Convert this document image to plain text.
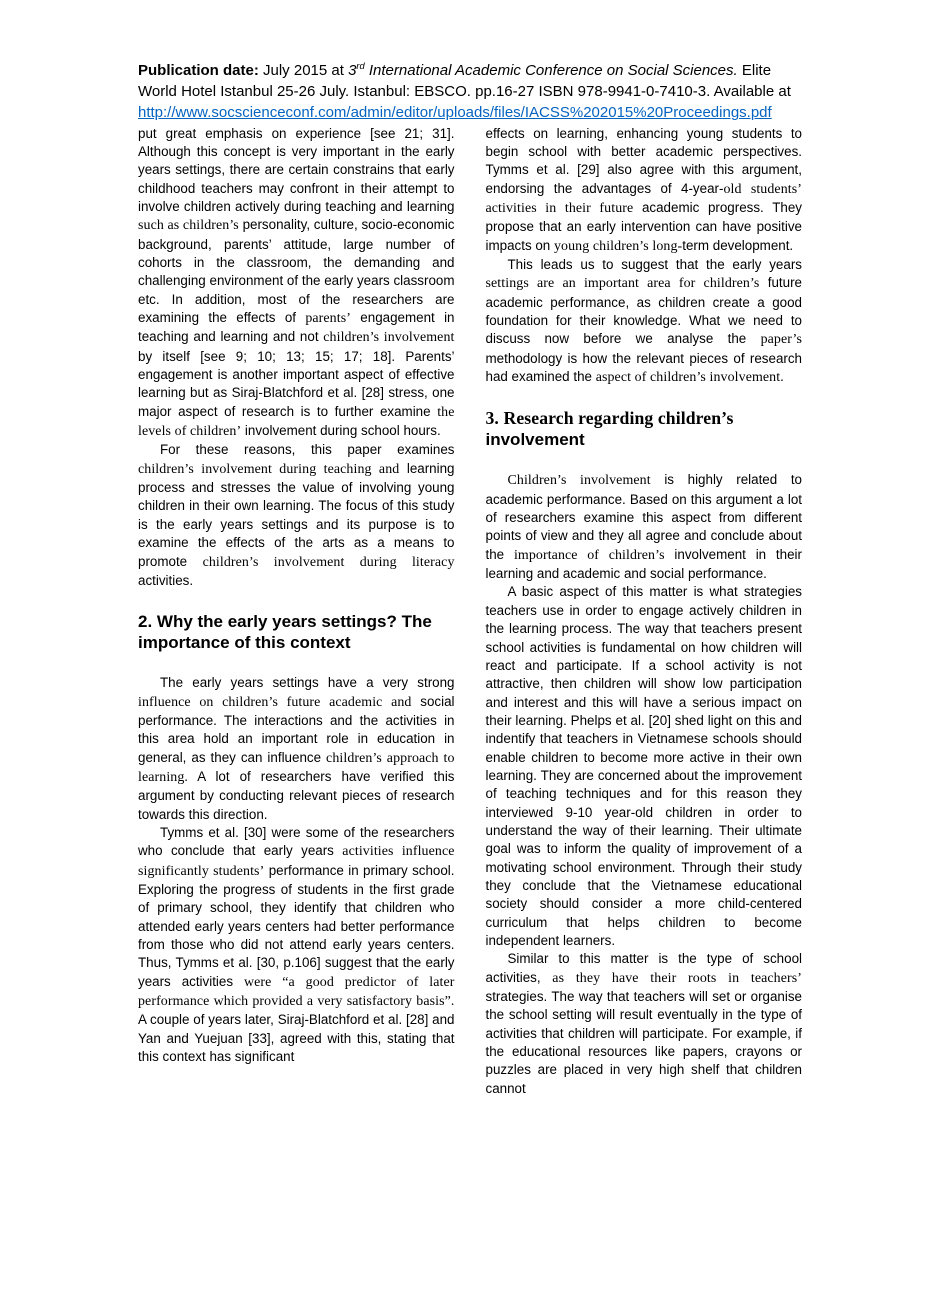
Publication date: July 2015 at 3rd International Academic Conference on Social Sciences. Elite World Hotel Istanbul 25-26 July. Istanbul: EBSCO. pp.16-27 ISBN 978-9941-0-7410-3. Available at http://www.socscienceconf.com/admin/editor/uploads/files/IACSS%202015%20Proceedings.pdf

put great emphasis on experience [see 21; 31]. Although this concept is very important in the early years settings, there are certain constrains that early childhood teachers may confront in their attempt to involve children actively during teaching and learning such as children’s personality, culture, socio-economic background, parents’ attitude, large number of cohorts in the classroom, the demanding and challenging environment of the early years classroom etc. In addition, most of the researchers are examining the effects of parents’ engagement in teaching and learning and not children’s involvement by itself [see 9; 10; 13; 15; 17; 18]. Parents’ engagement is another important aspect of effective learning but as Siraj-Blatchford et al. [28] stress, one major aspect of research is to further examine the levels of children’ involvement during school hours.

For these reasons, this paper examines children’s involvement during teaching and learning process and stresses the value of involving young children in their own learning. The focus of this study is the early years settings and its purpose is to examine the effects of the arts as a means to promote children’s involvement during literacy activities.

2. Why the early years settings? The importance of this context

The early years settings have a very strong influence on children’s future academic and social performance. The interactions and the activities in this area hold an important role in education in general, as they can influence children’s approach to learning. A lot of researchers have verified this argument by conducting relevant pieces of research towards this direction.

Tymms et al. [30] were some of the researchers who conclude that early years activities influence significantly students’ performance in primary school. Exploring the progress of students in the first grade of primary school, they identify that children who attended early years centers had better performance from those who did not attend early years centers. Thus, Tymms et al. [30, p.106] suggest that the early years activities were “a good predictor of later performance which provided a very satisfactory basis”. A couple of years later, Siraj-Blatchford et al. [28] and Yan and Yuejuan [33], agreed with this, stating that this context has significant

effects on learning, enhancing young students to begin school with better academic perspectives. Tymms et al. [29] also agree with this argument, endorsing the advantages of 4-year-old students’ activities in their future academic progress. They propose that an early intervention can have positive impacts on young children’s long-term development.

This leads us to suggest that the early years settings are an important area for children’s future academic performance, as children create a good foundation for their knowledge. What we need to discuss now before we analyse the paper’s methodology is how the relevant pieces of research had examined the aspect of children’s involvement.

3. Research regarding children’s involvement

Children’s involvement is highly related to academic performance. Based on this argument a lot of researchers examine this aspect from different points of view and they all agree and conclude about the importance of children’s involvement in their learning and academic and social performance.

A basic aspect of this matter is what strategies teachers use in order to engage actively children in the learning process. The way that teachers present school activities is fundamental on how children will react and participate. If a school activity is not attractive, then children will show low participation and interest and this will have a serious impact on their learning. Phelps et al. [20] shed light on this and indentify that teachers in Vietnamese schools should enable children to become more active in their own learning. They are concerned about the improvement of teaching techniques and for this reason they interviewed 9-10 year-old children in order to understand the way of their learning. Their ultimate goal was to inform the quality of improvement of a motivating school environment. Through their study they conclude that the Vietnamese educational society should consider a more child-centered curriculum that helps children to become independent learners.

Similar to this matter is the type of school activities, as they have their roots in teachers’ strategies. The way that teachers will set or organise the school setting will result eventually in the type of activities that children will participate. For example, if the educational resources like papers, crayons or puzzles are placed in very high shelf that children cannot
